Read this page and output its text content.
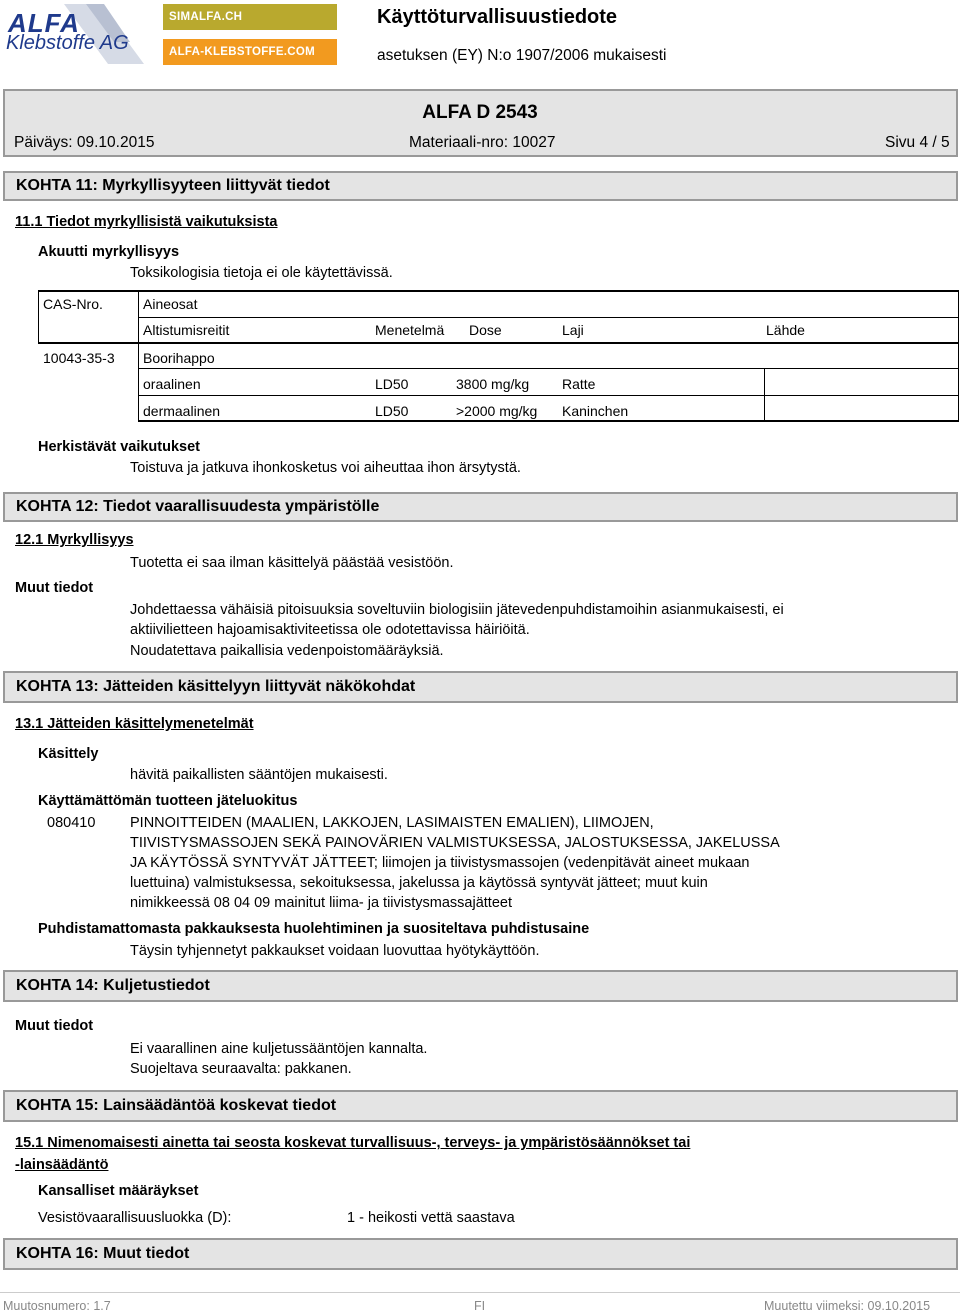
ALFA
Klebstoffe AG
SIMALFA.CH
ALFA-KLEBSTOFFE.COM
Käyttöturvallisuustiedote
asetuksen (EY) N:o 1907/2006 mukaisesti
ALFA D 2543
Päiväys: 09.10.2015	Materiaali-nro: 10027	Sivu 4 / 5
KOHTA 11: Myrkyllisyyteen liittyvät tiedot
11.1 Tiedot myrkyllisistä vaikutuksista
Akuutti myrkyllisyys
Toksikologisia tietoja ei ole käytettävissä.
CAS-Nro.	Aineosat
Altistumisreitit	Menetelmä Dose	Laji	Lähde
10043-35-3 Boorihappo
oraalinen	LD50	3800 mg/kg Ratte
dermaalinen	LD50	>2000 mg/kg Kaninchen
Herkistävät vaikutukset
Toistuva ja jatkuva ihonkosketus voi aiheuttaa ihon ärsytystä.
KOHTA 12: Tiedot vaarallisuudesta ympäristölle
12.1 Myrkyllisyys
Tuotetta ei saa ilman käsittelyä päästää vesistöön.
Muut tiedot
Johdettaessa vähäisiä pitoisuuksia soveltuviin biologisiin jätevedenpuhdistamoihin asianmukaisesti, ei
aktiivilietteen hajoamisaktiviteetissa ole odotettavissa häiriöitä.
Noudatettava paikallisia vedenpoistomääräyksiä.
KOHTA 13: Jätteiden käsittelyyn liittyvät näkökohdat
13.1 Jätteiden käsittelymenetelmät
Käsittely
hävitä paikallisten sääntöjen mukaisesti.
Käyttämättömän tuotteen jäteluokitus
080410 PINNOITTEIDEN (MAALIEN, LAKKOJEN, LASIMAISTEN EMALIEN), LIIMOJEN,
TIIVISTYSMASSOJEN SEKÄ PAINOVÄRIEN VALMISTUKSESSA, JALOSTUKSESSA, JAKELUSSA
JA KÄYTÖSSÄ SYNTYVÄT JÄTTEET; liimojen ja tiivistysmassojen (vedenpitävät aineet mukaan
luettuina) valmistuksessa, sekoituksessa, jakelussa ja käytössä syntyvät jätteet; muut kuin
nimikkeessä 08 04 09 mainitut liima- ja tiivistysmassajätteet
Puhdistamattomasta pakkauksesta huolehtiminen ja suositeltava puhdistusaine
Täysin tyhjennetyt pakkaukset voidaan luovuttaa hyötykäyttöön.
KOHTA 14: Kuljetustiedot
Muut tiedot
Ei vaarallinen aine kuljetussääntöjen kannalta.
Suojeltava seuraavalta: pakkanen.
KOHTA 15: Lainsäädäntöä koskevat tiedot
15.1 Nimenomaisesti ainetta tai seosta koskevat turvallisuus-, terveys- ja ympäristösäännökset tai
-lainsäädäntö
Kansalliset määräykset
Vesistövaarallisuusluokka (D):	1 - heikosti vettä saastava
KOHTA 16: Muut tiedot
Muutosnumero: 1.7	FI	Muutettu viimeksi: 09.10.2015
